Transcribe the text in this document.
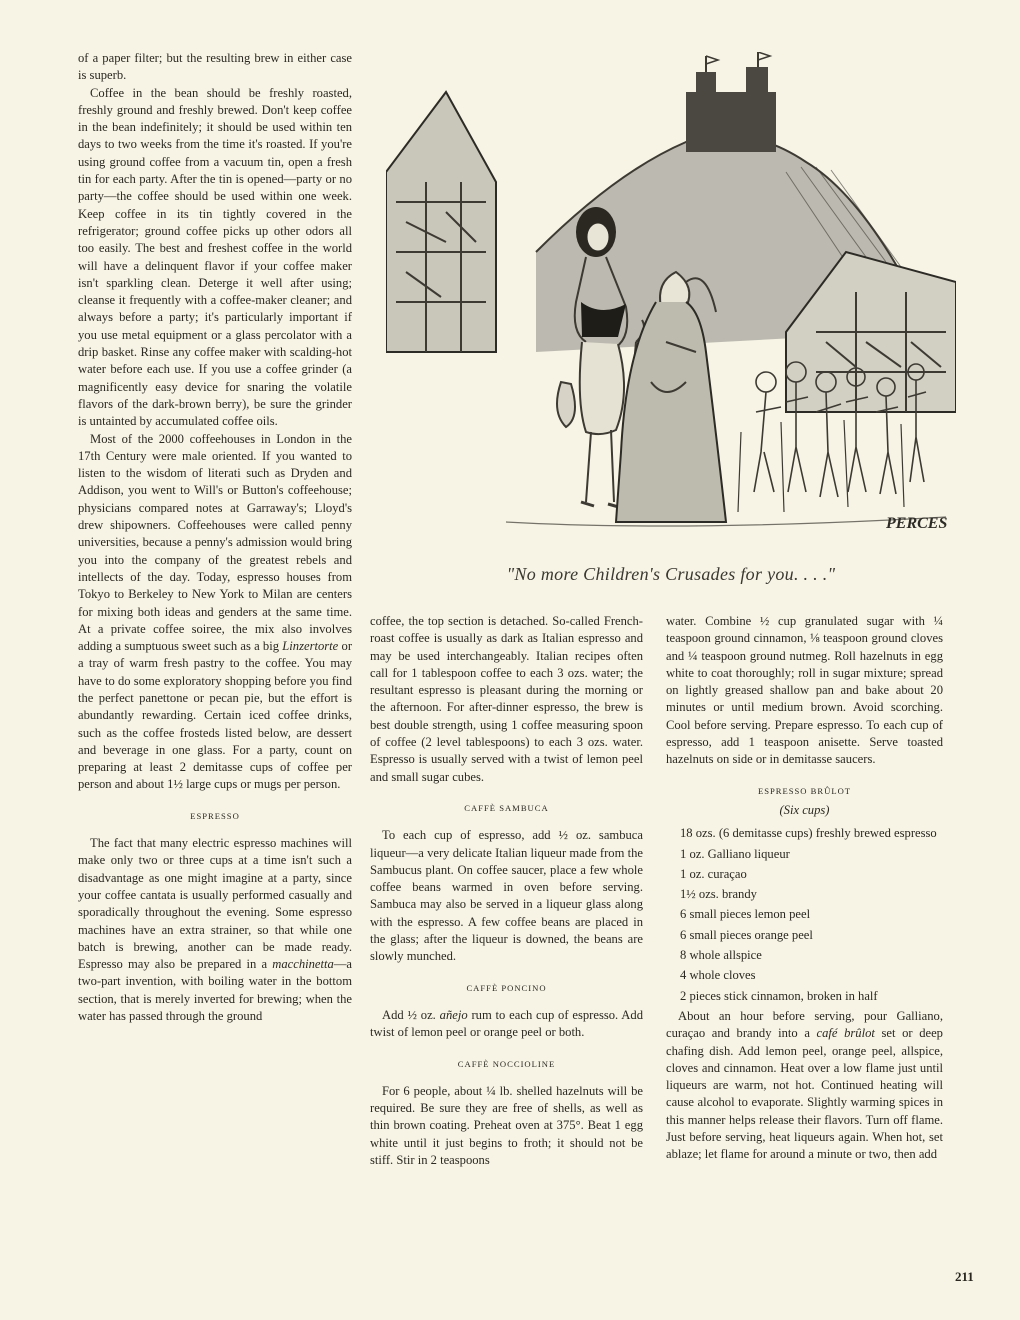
of a paper filter; but the resulting brew in either case is superb.

Coffee in the bean should be freshly roasted, freshly ground and freshly brewed. Don't keep coffee in the bean indefinitely; it should be used within ten days to two weeks from the time it's roasted. If you're using ground coffee from a vacuum tin, open a fresh tin for each party. After the tin is opened—party or no party—the coffee should be used within one week. Keep coffee in its tin tightly covered in the refrigerator; ground coffee picks up other odors all too easily. The best and freshest coffee in the world will have a delinquent flavor if your coffee maker isn't sparkling clean. Deterge it well after using; cleanse it frequently with a coffee-maker cleaner; and always before a party; it's particularly important if you use metal equipment or a glass percolator with a drip basket. Rinse any coffee maker with scalding-hot water before each use. If you use a coffee grinder (a magnificently easy device for snaring the volatile flavors of the dark-brown berry), be sure the grinder is untainted by accumulated coffee oils.

Most of the 2000 coffeehouses in London in the 17th Century were male oriented. If you wanted to listen to the wisdom of literati such as Dryden and Addison, you went to Will's or Button's coffeehouse; physicians compared notes at Garraway's; Lloyd's drew shipowners. Coffeehouses were called penny universities, because a penny's admission would bring you into the company of the greatest rebels and intellects of the day. Today, espresso houses from Tokyo to Berkeley to New York to Milan are centers for mixing both ideas and genders at the same time. At a private coffee soiree, the mix also involves adding a sumptuous sweet such as a big Linzertorte or a tray of warm fresh pastry to the coffee. You may have to do some exploratory shopping before you find the perfect panettone or pecan pie, but the effort is abundantly rewarding. Certain iced coffee drinks, such as the coffee frosteds listed below, are dessert and beverage in one glass. For a party, count on preparing at least 2 demitasse cups of coffee per person and about 1½ large cups or mugs per person.

ESPRESSO

The fact that many electric espresso machines will make only two or three cups at a time isn't such a disadvantage as one might imagine at a party, since your coffee cantata is usually performed casually and sporadically throughout the evening. Some espresso machines have an extra strainer, so that while one batch is brewing, another can be made ready. Espresso may also be prepared in a macchinetta—a two-part invention, with boiling water in the bottom section, that is merely inverted for brewing; when the water has passed through the ground

PERCES
"No more Children's Crusades for you. . . ."

coffee, the top section is detached. So-called French-roast coffee is usually as dark as Italian espresso and may be used interchangeably. Italian recipes often call for 1 tablespoon coffee to each 3 ozs. water; the resultant espresso is pleasant during the morning or the afternoon. For after-dinner espresso, the brew is best double strength, using 1 coffee measuring spoon of coffee (2 level tablespoons) to each 3 ozs. water. Espresso is usually served with a twist of lemon peel and small sugar cubes.

CAFFÈ SAMBUCA

To each cup of espresso, add ½ oz. sambuca liqueur—a very delicate Italian liqueur made from the Sambucus plant. On coffee saucer, place a few whole coffee beans warmed in oven before serving. Sambuca may also be served in a liqueur glass along with the espresso. A few coffee beans are placed in the glass; after the liqueur is downed, the beans are slowly munched.

CAFFÈ PONCINO

Add ½ oz. añejo rum to each cup of espresso. Add twist of lemon peel or orange peel or both.

CAFFÈ NOCCIOLINE

For 6 people, about ¼ lb. shelled hazelnuts will be required. Be sure they are free of shells, as well as thin brown coating. Preheat oven at 375°. Beat 1 egg white until it just begins to froth; it should not be stiff. Stir in 2 teaspoons

water. Combine ½ cup granulated sugar with ¼ teaspoon ground cinnamon, ⅛ teaspoon ground cloves and ¼ teaspoon ground nutmeg. Roll hazelnuts in egg white to coat thoroughly; roll in sugar mixture; spread on lightly greased shallow pan and bake about 20 minutes or until medium brown. Avoid scorching. Cool before serving. Prepare espresso. To each cup of espresso, add 1 teaspoon anisette. Serve toasted hazelnuts on side or in demitasse saucers.

ESPRESSO BRÛLOT
(Six cups)
18 ozs. (6 demitasse cups) freshly brewed espresso
1 oz. Galliano liqueur
1 oz. curaçao
1½ ozs. brandy
6 small pieces lemon peel
6 small pieces orange peel
8 whole allspice
4 whole cloves
2 pieces stick cinnamon, broken in half

About an hour before serving, pour Galliano, curaçao and brandy into a café brûlot set or deep chafing dish. Add lemon peel, orange peel, allspice, cloves and cinnamon. Heat over a low flame just until liqueurs are warm, not hot. Continued heating will cause alcohol to evaporate. Slightly warming spices in this manner helps release their flavors. Turn off flame. Just before serving, heat liqueurs again. When hot, set ablaze; let flame for around a minute or two, then add

211
